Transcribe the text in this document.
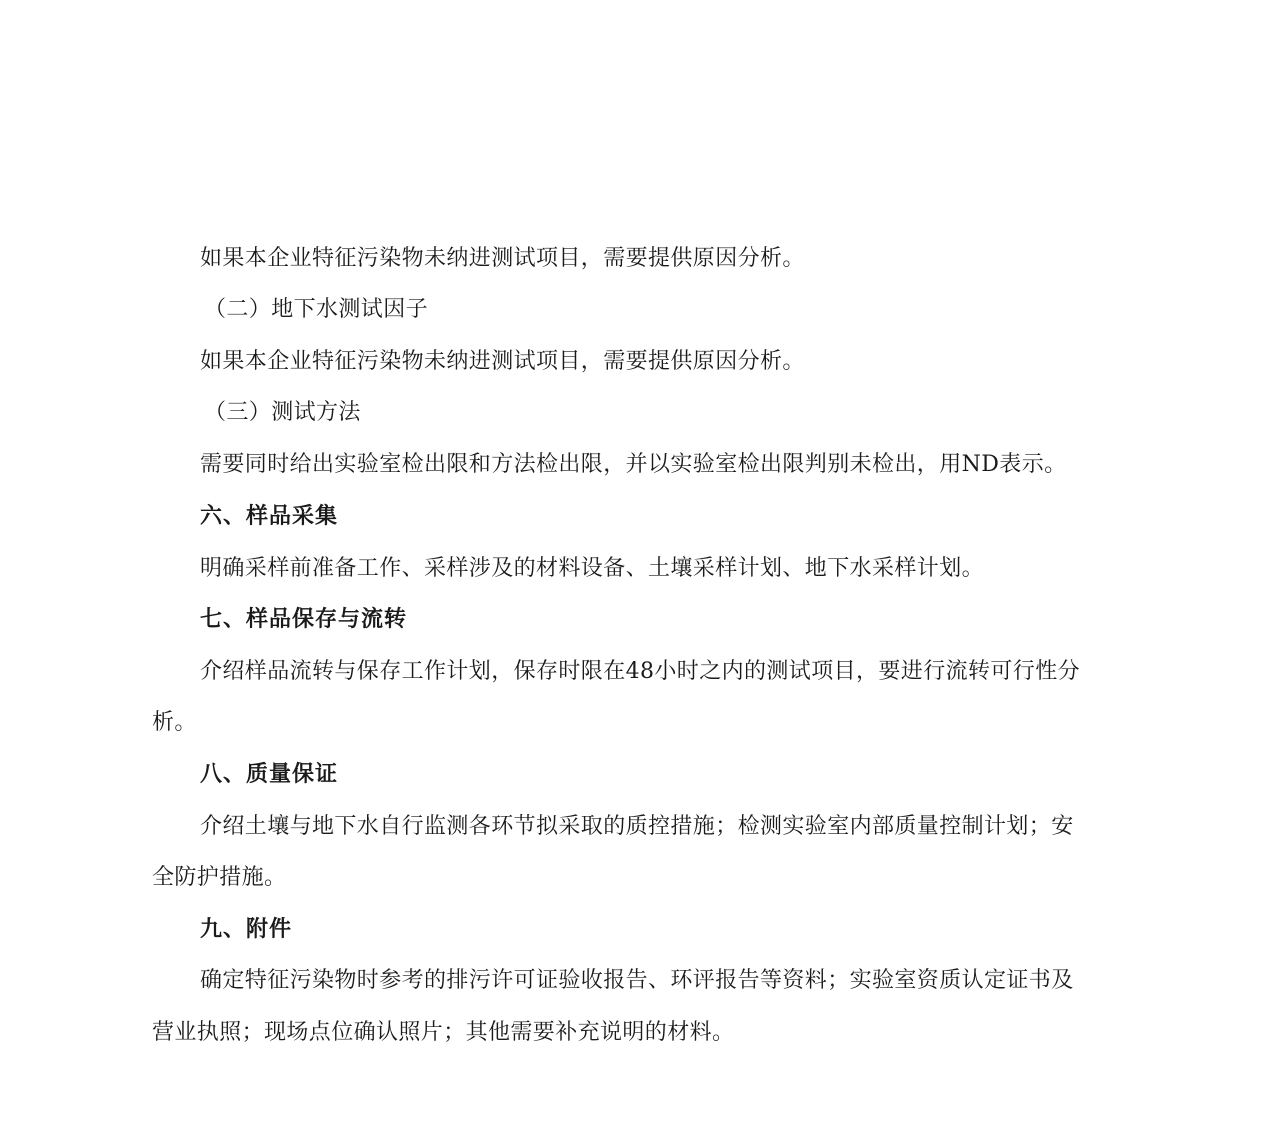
如果本企业特征污染物未纳进测试项目，需要提供原因分析。
（二）地下水测试因子
如果本企业特征污染物未纳进测试项目，需要提供原因分析。
（三）测试方法
需要同时给出实验室检出限和方法检出限，并以实验室检出限判别未检出，用ND表示。
六、样品采集
明确采样前准备工作、采样涉及的材料设备、土壤采样计划、地下水采样计划。
七、样品保存与流转
介绍样品流转与保存工作计划，保存时限在48小时之内的测试项目，要进行流转可行性分
析。
八、质量保证
介绍土壤与地下水自行监测各环节拟采取的质控措施；检测实验室内部质量控制计划；安
全防护措施。
九、附件
确定特征污染物时参考的排污许可证验收报告、环评报告等资料；实验室资质认定证书及
营业执照；现场点位确认照片；其他需要补充说明的材料。
